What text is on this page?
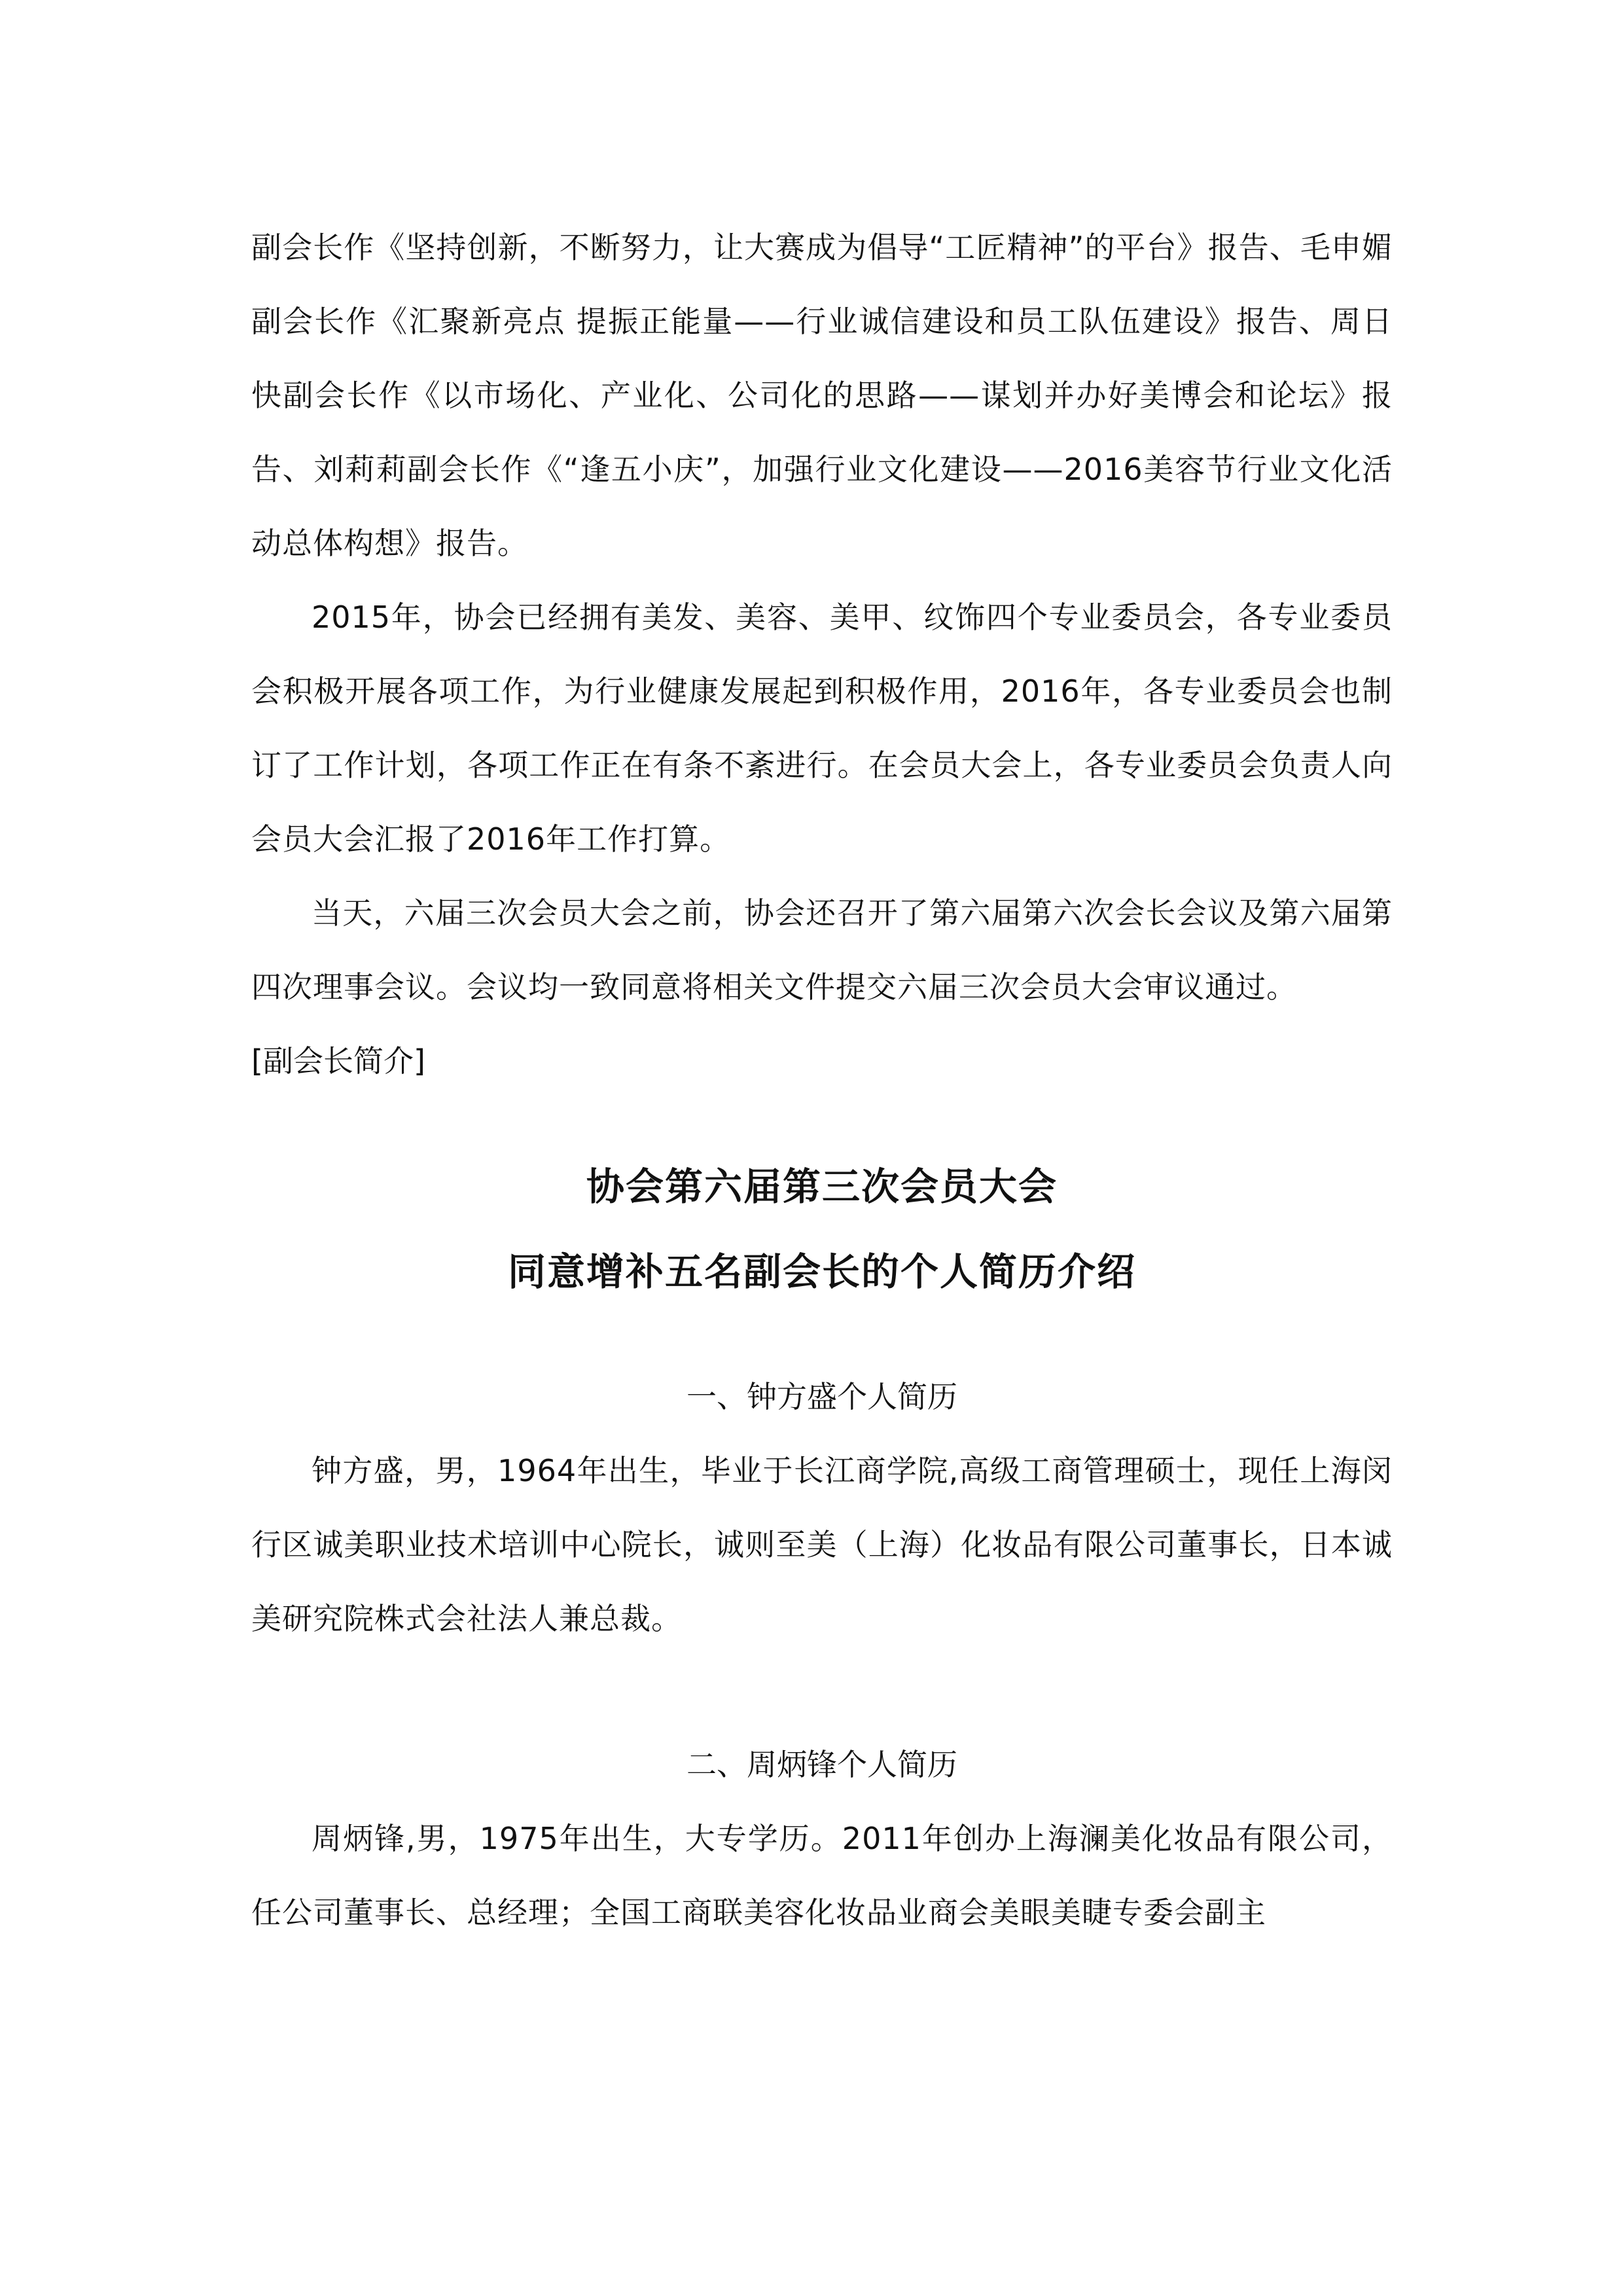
副会长作《坚持创新，不断努力，让大赛成为倡导“工匠精神”的平台》报告、毛申媚副会长作《汇聚新亮点 提振正能量——行业诚信建设和员工队伍建设》报告、周日快副会长作《以市场化、产业化、公司化的思路——谋划并办好美博会和论坛》报告、刘莉莉副会长作《“逢五小庆”，加强行业文化建设——2016美容节行业文化活动总体构想》报告。

2015年，协会已经拥有美发、美容、美甲、纹饰四个专业委员会，各专业委员会积极开展各项工作，为行业健康发展起到积极作用，2016年，各专业委员会也制订了工作计划，各项工作正在有条不紊进行。在会员大会上，各专业委员会负责人向会员大会汇报了2016年工作打算。

当天，六届三次会员大会之前，协会还召开了第六届第六次会长会议及第六届第四次理事会议。会议均一致同意将相关文件提交六届三次会员大会审议通过。

[副会长简介]

协会第六届第三次会员大会
同意增补五名副会长的个人简历介绍

一、钟方盛个人简历

钟方盛，男，1964年出生，毕业于长江商学院,高级工商管理硕士，现任上海闵行区诚美职业技术培训中心院长，诚则至美（上海）化妆品有限公司董事长，日本诚美研究院株式会社法人兼总裁。

二、周炳锋个人简历

周炳锋,男，1975年出生，大专学历。2011年创办上海澜美化妆品有限公司，任公司董事长、总经理；全国工商联美容化妆品业商会美眼美睫专委会副主
